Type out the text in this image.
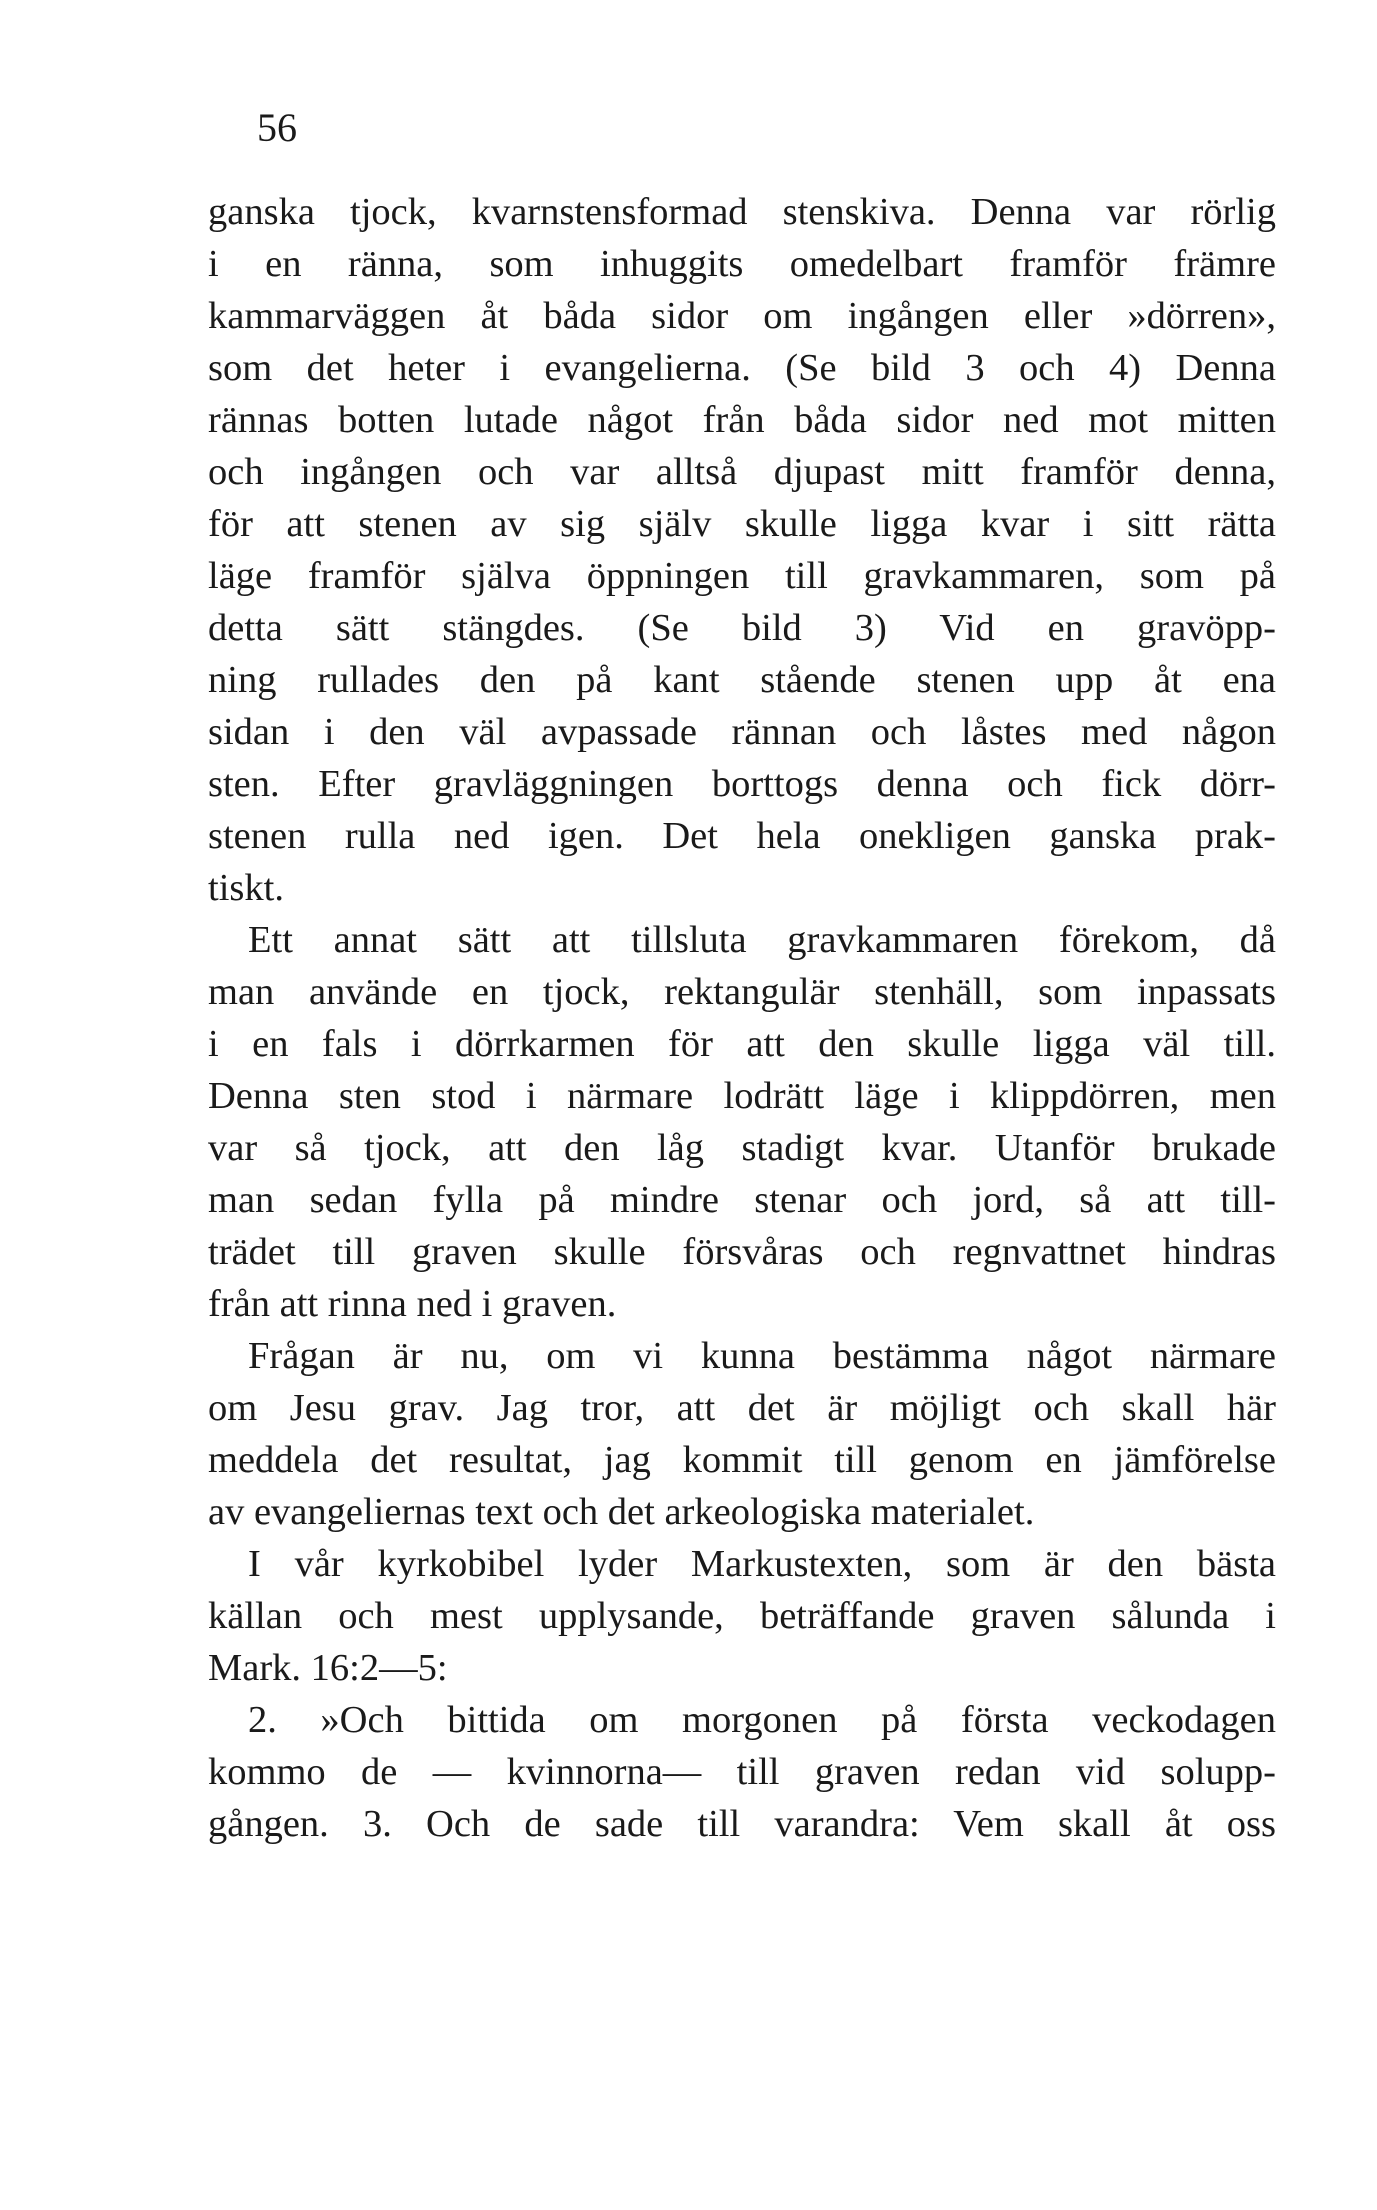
56
ganska tjock, kvarnstensformad stenskiva. Denna var rörlig
i en ränna, som inhuggits omedelbart framför främre
kammarväggen åt båda sidor om ingången eller »dörren»,
som det heter i evangelierna. (Se bild 3 och 4) Denna
rännas botten lutade något från båda sidor ned mot mitten
och ingången och var alltså djupast mitt framför denna,
för att stenen av sig själv skulle ligga kvar i sitt rätta
läge framför själva öppningen till gravkammaren, som på
detta sätt stängdes. (Se bild 3) Vid en gravöpp-
ning rullades den på kant stående stenen upp åt ena
sidan i den väl avpassade rännan och låstes med någon
sten. Efter gravläggningen borttogs denna och fick dörr-
stenen rulla ned igen. Det hela onekligen ganska prak-
tiskt.
Ett annat sätt att tillsluta gravkammaren förekom, då
man använde en tjock, rektangulär stenhäll, som inpassats
i en fals i dörrkarmen för att den skulle ligga väl till.
Denna sten stod i närmare lodrätt läge i klippdörren, men
var så tjock, att den låg stadigt kvar. Utanför brukade
man sedan fylla på mindre stenar och jord, så att till-
trädet till graven skulle försvåras och regnvattnet hindras
från att rinna ned i graven.
Frågan är nu, om vi kunna bestämma något närmare
om Jesu grav. Jag tror, att det är möjligt och skall här
meddela det resultat, jag kommit till genom en jämförelse
av evangeliernas text och det arkeologiska materialet.
I vår kyrkobibel lyder Markustexten, som är den bästa
källan och mest upplysande, beträffande graven sålunda i
Mark. 16:2—5:
2. »Och bittida om morgonen på första veckodagen
kommo de — kvinnorna— till graven redan vid solupp-
gången. 3. Och de sade till varandra: Vem skall åt oss
